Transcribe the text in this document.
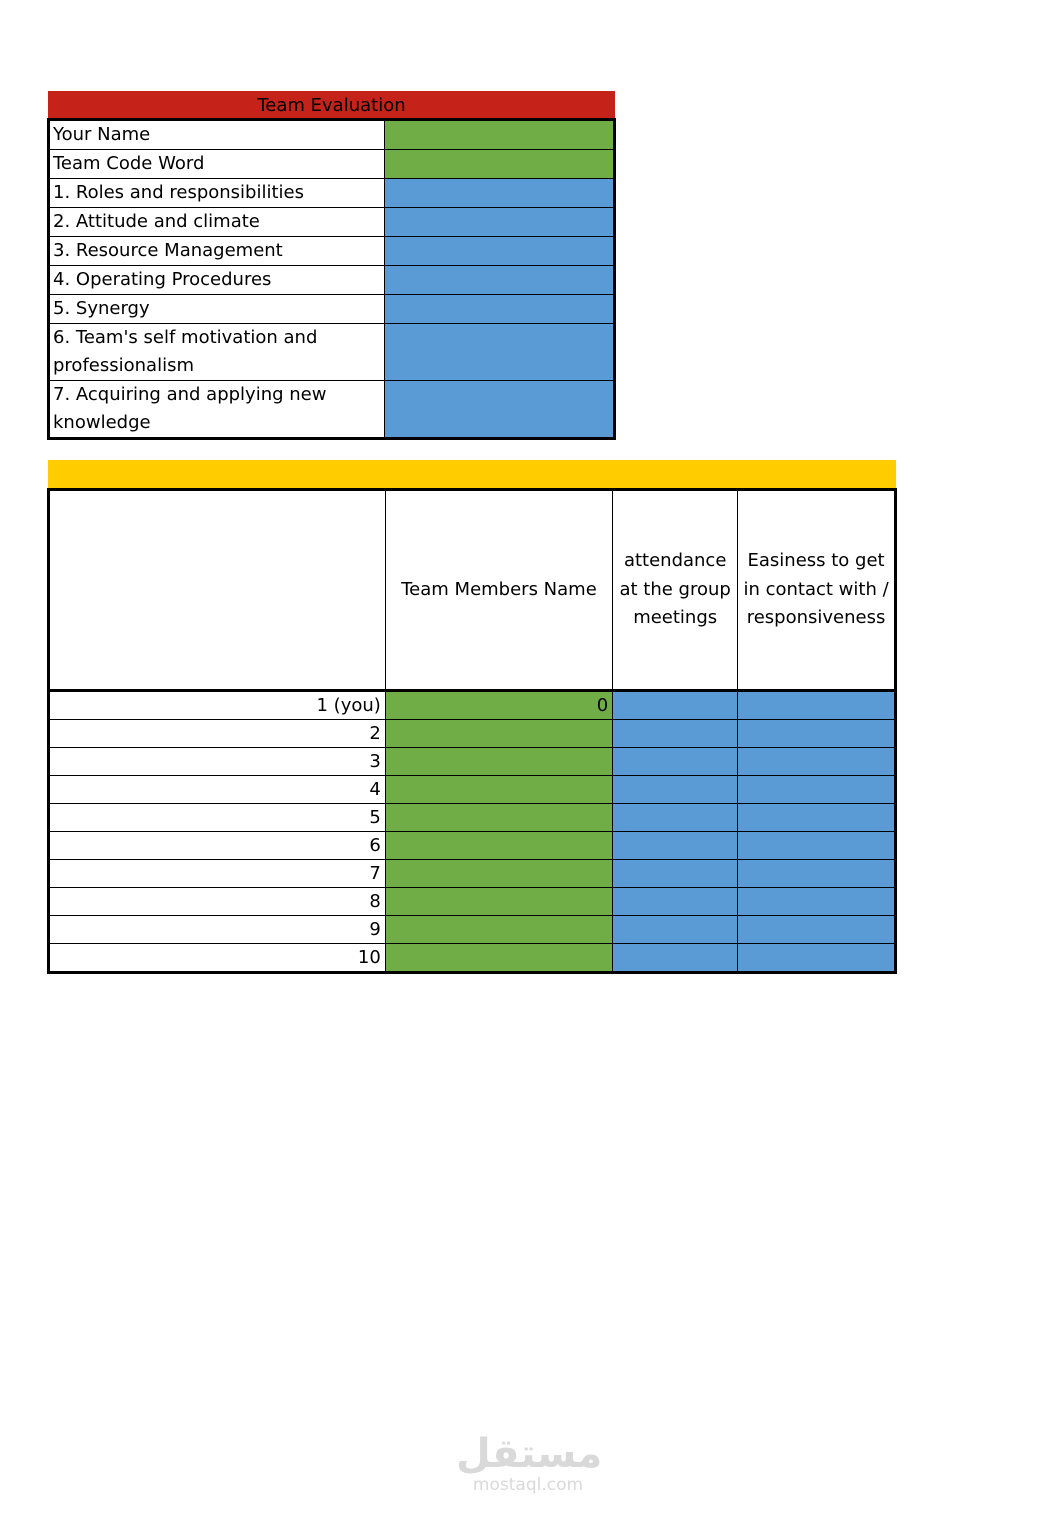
Team Evaluation
Your Name	
Team Code Word	
1. Roles and responsibilities	
2. Attitude and climate	
3. Resource Management	
4. Operating Procedures	
5. Synergy	
6. Team's self motivation and professionalism	
7. Acquiring and applying new knowledge	
	Team Members Name	attendance at the group meetings	Easiness to get in contact with / responsiveness
1 (you)	0		
2			
3			
4			
5			
6			
7			
8			
9			
10			
مستقل
mostaql.com
